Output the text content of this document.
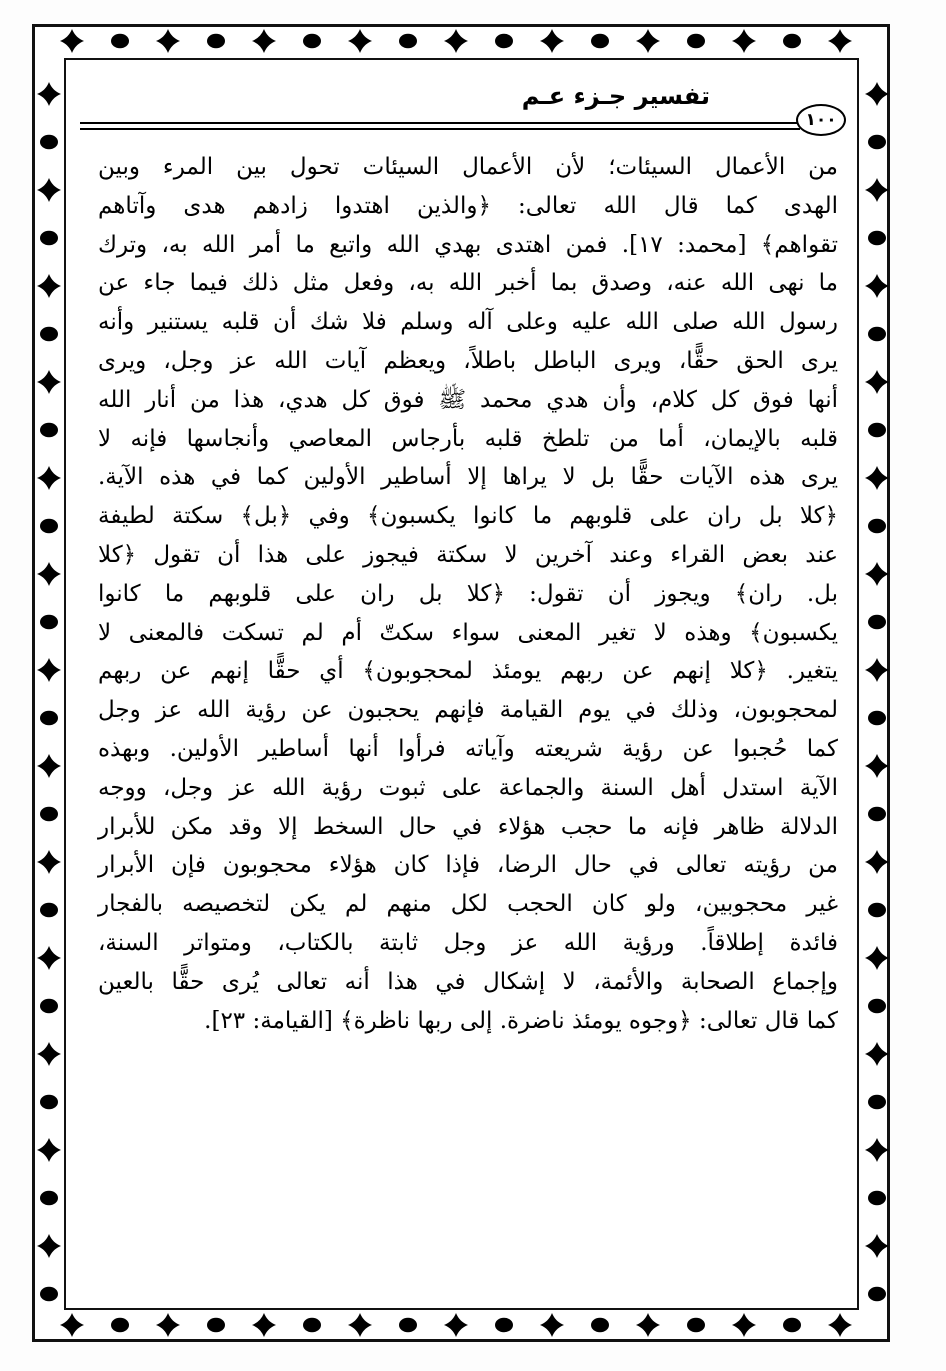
تفسير جـزء عـم
١٠٠
من الأعمال السيئات؛ لأن الأعمال السيئات تحول بين المرء وبين
الهدى كما قال الله تعالى: ﴿والذين اهتدوا زادهم هدى وآتاهم
تقواهم﴾ [محمد: ١٧]. فمن اهتدى بهدي الله واتبع ما أمر الله به، وترك
ما نهى الله عنه، وصدق بما أخبر الله به، وفعل مثل ذلك فيما جاء عن
رسول الله صلى الله عليه وعلى آله وسلم فلا شك أن قلبه يستنير وأنه
يرى الحق حقًّا، ويرى الباطل باطلاً، ويعظم آيات الله عز وجل، ويرى
أنها فوق كل كلام، وأن هدي محمد ﷺ فوق كل هدي، هذا من أنار الله
قلبه بالإيمان، أما من تلطخ قلبه بأرجاس المعاصي وأنجاسها فإنه لا
يرى هذه الآيات حقًّا بل لا يراها إلا أساطير الأولين كما في هذه الآية.
﴿كلا بل ران على قلوبهم ما كانوا يكسبون﴾ وفي ﴿بل﴾ سكتة لطيفة
عند بعض القراء وعند آخرين لا سكتة فيجوز على هذا أن تقول ﴿كلا
بل. ران﴾ ويجوز أن تقول: ﴿كلا بل ران على قلوبهم ما كانوا
يكسبون﴾ وهذه لا تغير المعنى سواء سكتّ أم لم تسكت فالمعنى لا
يتغير. ﴿كلا إنهم عن ربهم يومئذ لمحجوبون﴾ أي حقًّا إنهم عن ربهم
لمحجوبون، وذلك في يوم القيامة فإنهم يحجبون عن رؤية الله عز وجل
كما حُجبوا عن رؤية شريعته وآياته فرأوا أنها أساطير الأولين. وبهذه
الآية استدل أهل السنة والجماعة على ثبوت رؤية الله عز وجل، ووجه
الدلالة ظاهر فإنه ما حجب هؤلاء في حال السخط إلا وقد مكن للأبرار
من رؤيته تعالى في حال الرضا، فإذا كان هؤلاء محجوبون فإن الأبرار
غير محجوبين، ولو كان الحجب لكل منهم لم يكن لتخصيصه بالفجار
فائدة إطلاقاً. ورؤية الله عز وجل ثابتة بالكتاب، ومتواتر السنة،
وإجماع الصحابة والأئمة، لا إشكال في هذا أنه تعالى يُرى حقًّا بالعين
كما قال تعالى: ﴿وجوه يومئذ ناضرة. إلى ربها ناظرة﴾ [القيامة: ٢٣].
